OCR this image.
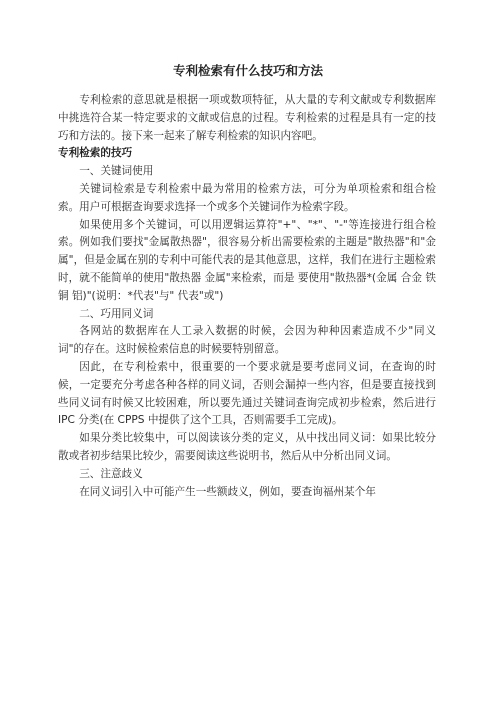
专利检索有什么技巧和方法

专利检索的意思就是根据一项或数项特征，从大量的专利文献或专利数据库中挑选符合某一特定要求的文献或信息的过程。专利检索的过程是具有一定的技巧和方法的。接下来一起来了解专利检索的知识内容吧。

专利检索的技巧

一、关键词使用

关键词检索是专利检索中最为常用的检索方法，可分为单项检索和组合检索。用户可根据查询要求选择一个或多个关键词作为检索字段。

如果使用多个关键词，可以用逻辑运算符"+"、"*"、"-"等连接进行组合检索。例如我们要找"金属散热器"，很容易分析出需要检索的主题是"散热器"和"金属"，但是金属在别的专利中可能代表的是其他意思，这样，我们在进行主题检索时，就不能简单的使用"散热器 金属"来检索，而是 要使用"散热器*(金属 合金 铁 铜 铝)"(说明：*代表"与" 代表"或")

二、巧用同义词

各网站的数据库在人工录入数据的时候，会因为种种因素造成不少"同义词"的存在。这时候检索信息的时候要特别留意。

因此，在专利检索中，很重要的一个要求就是要考虑同义词，在查询的时候，一定要充分考虑各种各样的同义词，否则会漏掉一些内容，但是要直接找到些同义词有时候又比较困难，所以要先通过关键词查询完成初步检索，然后进行 IPC 分类(在 CPPS 中提供了这个工具，否则需要手工完成)。

如果分类比较集中，可以阅读该分类的定义，从中找出同义词：如果比较分散或者初步结果比较少，需要阅读这些说明书，然后从中分析出同义词。

三、注意歧义

在同义词引入中可能产生一些额歧义，例如，要查询福州某个年
